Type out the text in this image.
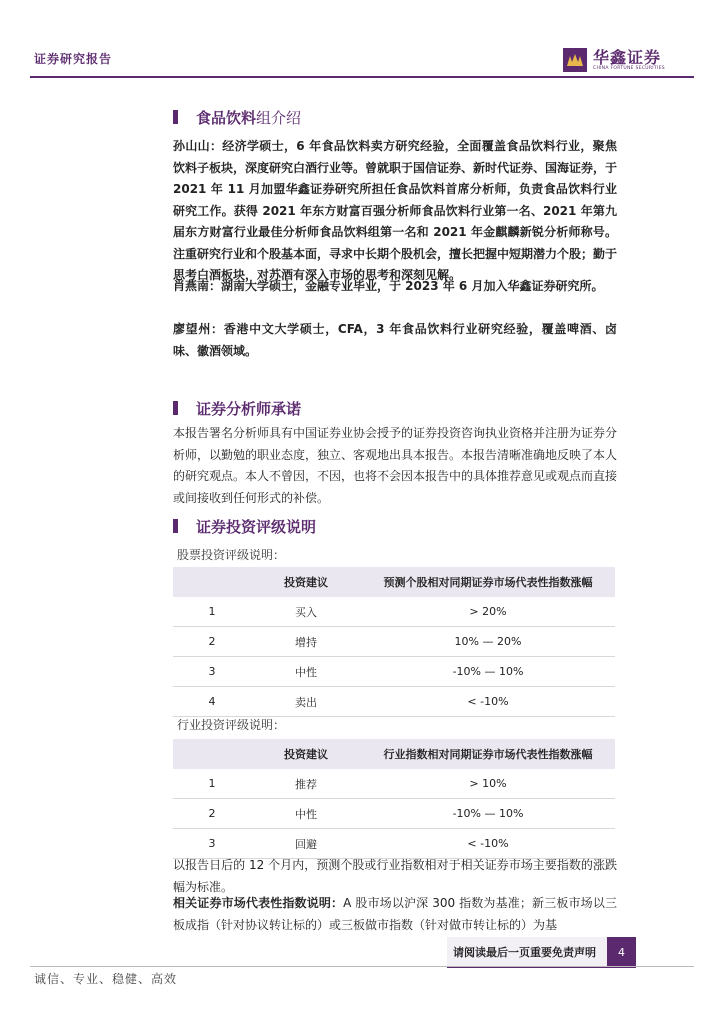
证券研究报告	华鑫证券
CHINA FORTUNE SECURITIES
食品饮料组介绍
孙山山：经济学硕士，6 年食品饮料卖方研究经验，全面覆盖食品饮料行业，聚焦饮料子板块，深度研究白酒行业等。曾就职于国信证券、新时代证券、国海证券，于 2021 年 11 月加盟华鑫证券研究所担任食品饮料首席分析师，负责食品饮料行业研究工作。获得 2021 年东方财富百强分析师食品饮料行业第一名、2021 年第九届东方财富行业最佳分析师食品饮料组第一名和 2021 年金麒麟新锐分析师称号。注重研究行业和个股基本面，寻求中长期个股机会，擅长把握中短期潜力个股；勤于思考白酒板块，对苏酒有深入市场的思考和深刻见解。
肖燕南：湖南大学硕士，金融专业毕业，于 2023 年 6 月加入华鑫证券研究所。
廖望州：香港中文大学硕士，CFA，3 年食品饮料行业研究经验，覆盖啤酒、卤味、徽酒领域。
证券分析师承诺
本报告署名分析师具有中国证券业协会授予的证券投资咨询执业资格并注册为证券分析师，以勤勉的职业态度，独立、客观地出具本报告。本报告清晰准确地反映了本人的研究观点。本人不曾因，不因，也将不会因本报告中的具体推荐意见或观点而直接或间接收到任何形式的补偿。
证券投资评级说明
股票投资评级说明：
	投资建议	预测个股相对同期证券市场代表性指数涨幅
1	买入	> 20%
2	增持	10% — 20%
3	中性	-10% — 10%
4	卖出	< -10%
行业投资评级说明：
	投资建议	行业指数相对同期证券市场代表性指数涨幅
1	推荐	> 10%
2	中性	-10% — 10%
3	回避	< -10%
以报告日后的 12 个月内，预测个股或行业指数相对于相关证券市场主要指数的涨跌幅为标准。
相关证券市场代表性指数说明：A 股市场以沪深 300 指数为基准；新三板市场以三板成指（针对协议转让标的）或三板做市指数（针对做市转让标的）为基
请阅读最后一页重要免责声明	4
诚信、专业、稳健、高效
